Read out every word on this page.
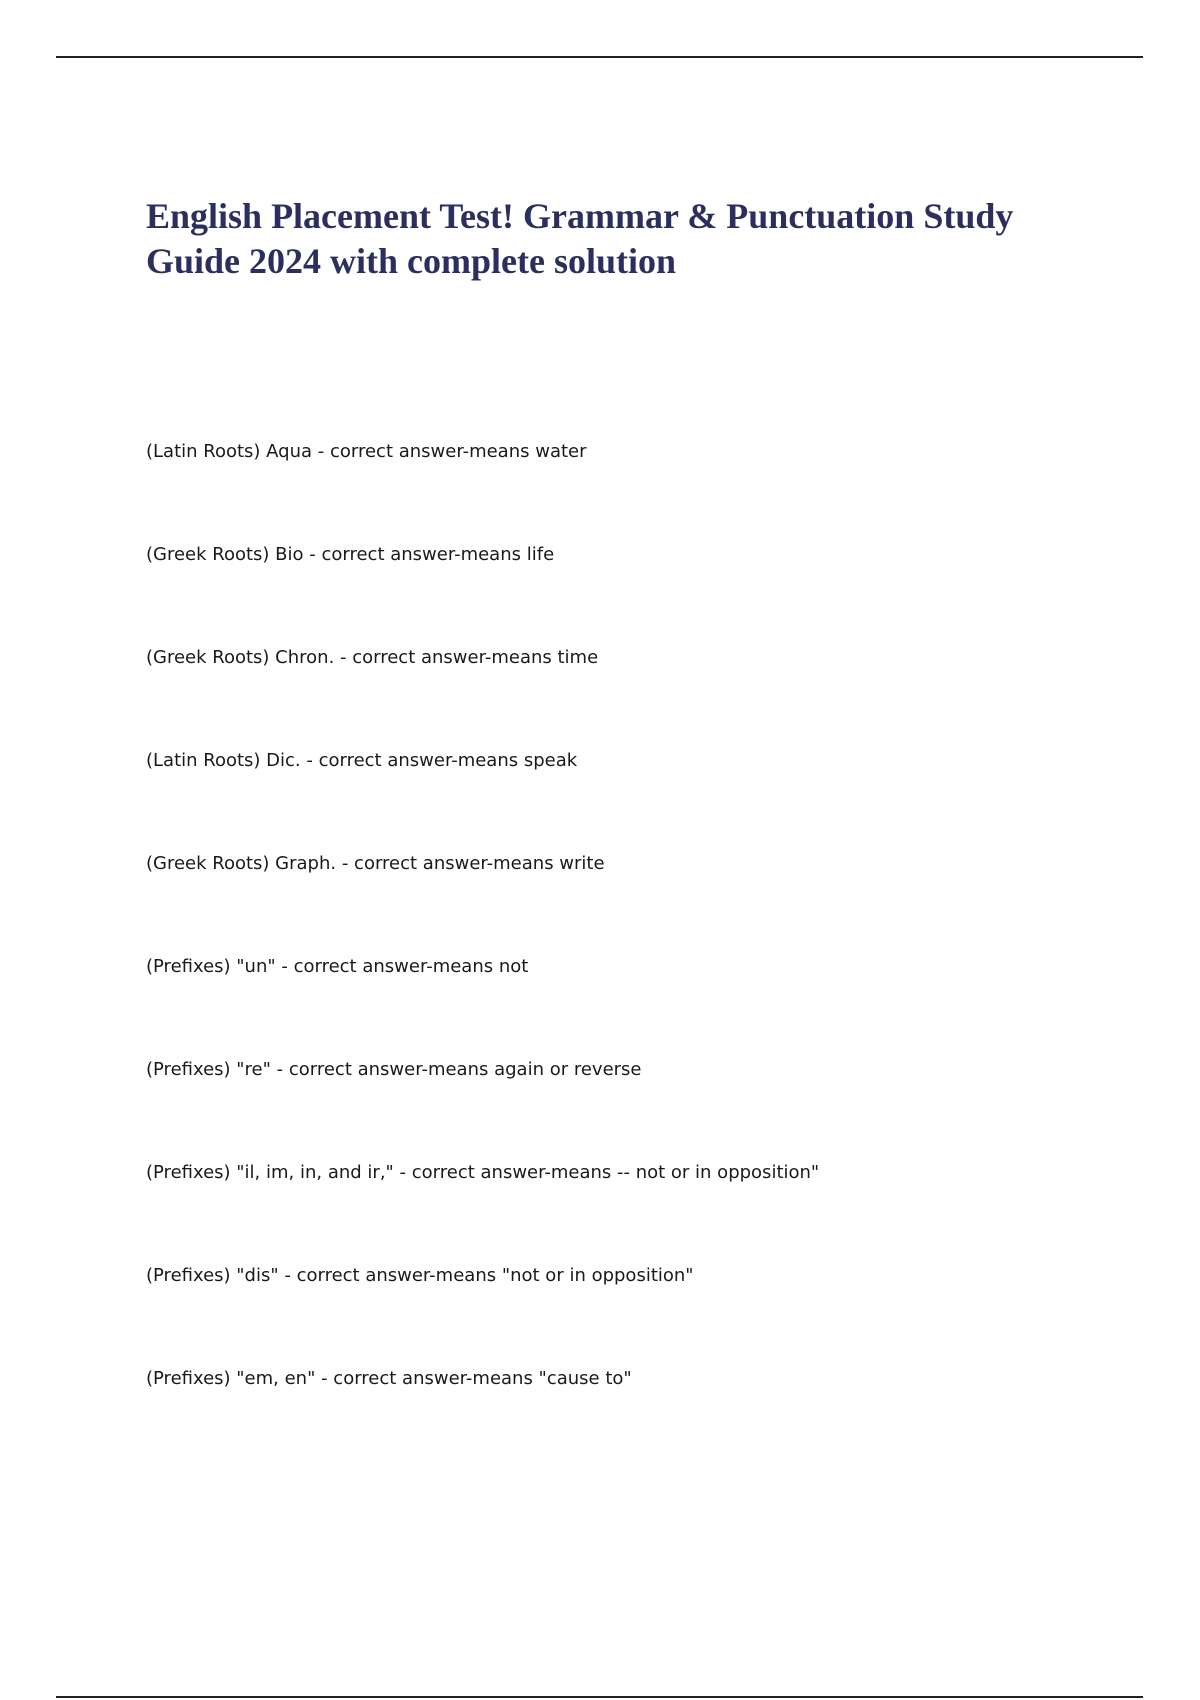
English Placement Test! Grammar & Punctuation Study Guide 2024 with complete solution
(Latin Roots) Aqua - correct answer-means water
(Greek Roots) Bio - correct answer-means life
(Greek Roots) Chron. - correct answer-means time
(Latin Roots) Dic. - correct answer-means speak
(Greek Roots) Graph. - correct answer-means write
(Prefixes) "un" - correct answer-means not
(Prefixes) "re" - correct answer-means again or reverse
(Prefixes) "il, im, in, and ir," - correct answer-means -- not or in opposition"
(Prefixes) "dis" - correct answer-means "not or in opposition"
(Prefixes) "em, en" - correct answer-means "cause to"
